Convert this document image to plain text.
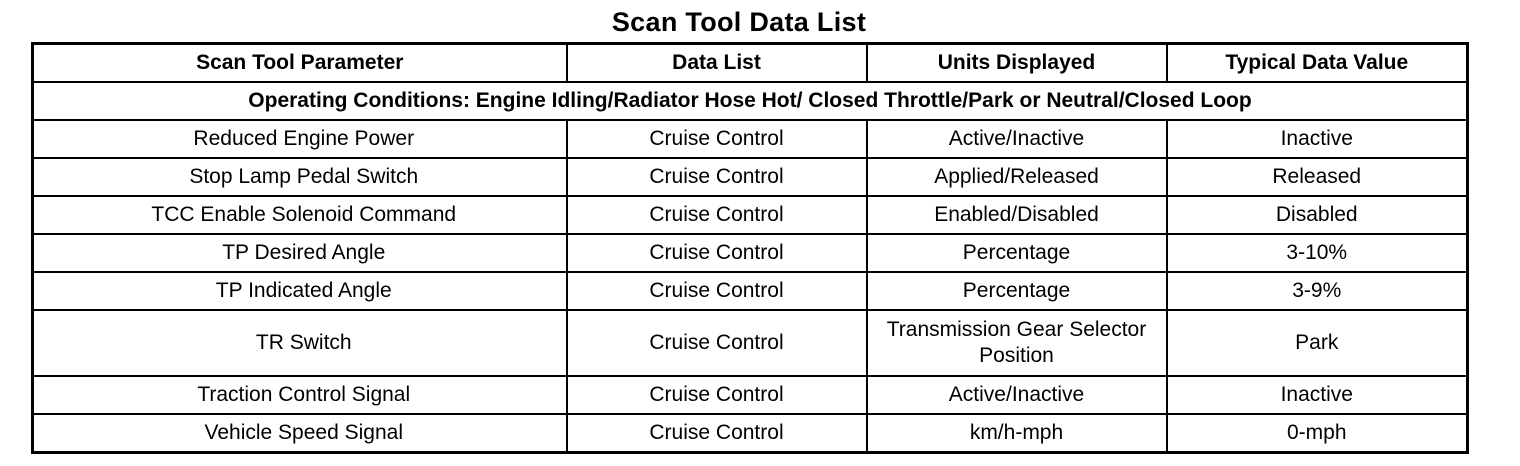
Scan Tool Data List
Scan Tool Parameter	Data List	Units Displayed	Typical Data Value
Operating Conditions: Engine Idling/Radiator Hose Hot/ Closed Throttle/Park or Neutral/Closed Loop			
Reduced Engine Power	Cruise Control	Active/Inactive	Inactive
Stop Lamp Pedal Switch	Cruise Control	Applied/Released	Released
TCC Enable Solenoid Command	Cruise Control	Enabled/Disabled	Disabled
TP Desired Angle	Cruise Control	Percentage	3-10%
TP Indicated Angle	Cruise Control	Percentage	3-9%
TR Switch	Cruise Control	Transmission Gear Selector Position	Park
Traction Control Signal	Cruise Control	Active/Inactive	Inactive
Vehicle Speed Signal	Cruise Control	km/h-mph	0-mph
